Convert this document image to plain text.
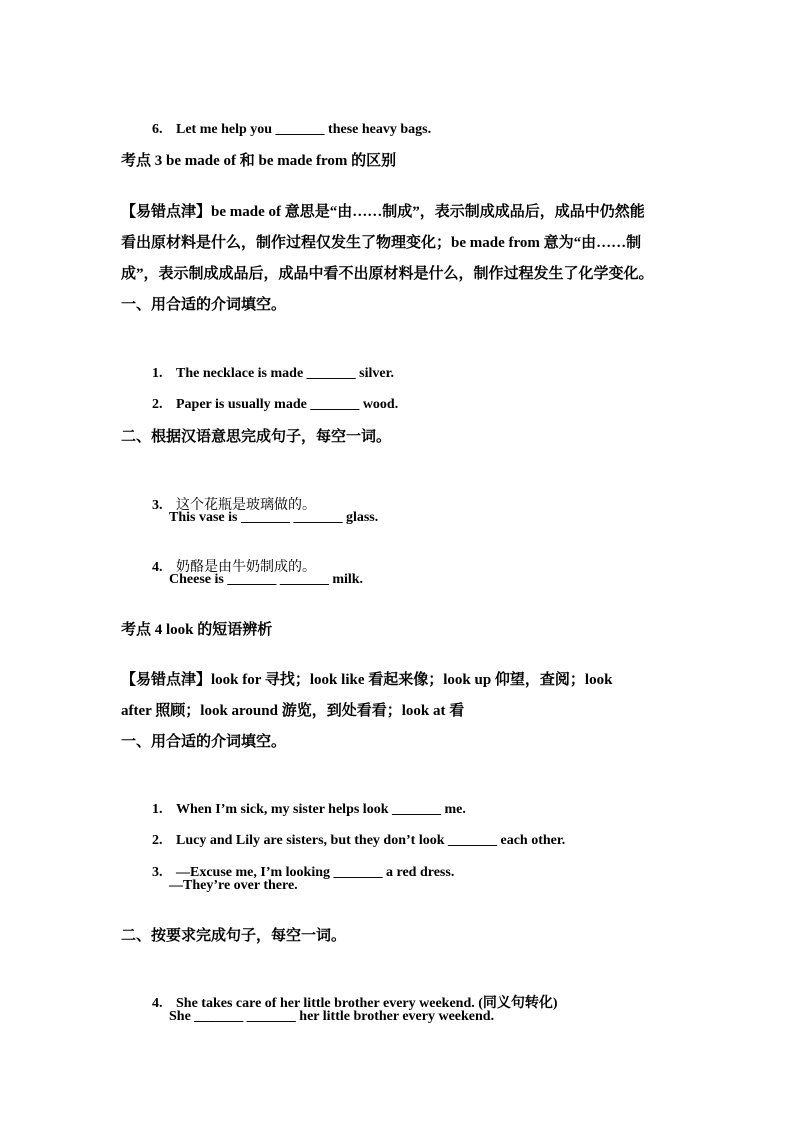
6. Let me help you _______ these heavy bags.

考点 3 be made of 和 be made from 的区别
【易错点津】be made of 意思是“由……制成”，表示制成成品后，成品中仍然能
看出原材料是什么，制作过程仅发生了物理变化；be made from 意为“由……制
成”，表示制成成品后，成品中看不出原材料是什么，制作过程发生了化学变化。
一、用合适的介词填空。

1. The necklace is made _______ silver.

2. Paper is usually made _______ wood.

二、根据汉语意思完成句子，每空一词。

3. 这个花瓶是玻璃做的。

This vase is _______ _______ glass.

4. 奶酪是由牛奶制成的。

Cheese is _______ _______ milk.
考点 4 look 的短语辨析
【易错点津】look for 寻找；look like 看起来像；look up 仰望，查阅；look
after 照顾；look around 游览，到处看看；look at 看
一、用合适的介词填空。

1. When I’m sick, my sister helps look _______ me.

2. Lucy and Lily are sisters, but they don’t look _______ each other.

3. —Excuse me, I’m looking _______ a red dress.

—They’re over there.
二、按要求完成句子，每空一词。

4. She takes care of her little brother every weekend. (同义句转化)

She _______ _______ her little brother every weekend.
